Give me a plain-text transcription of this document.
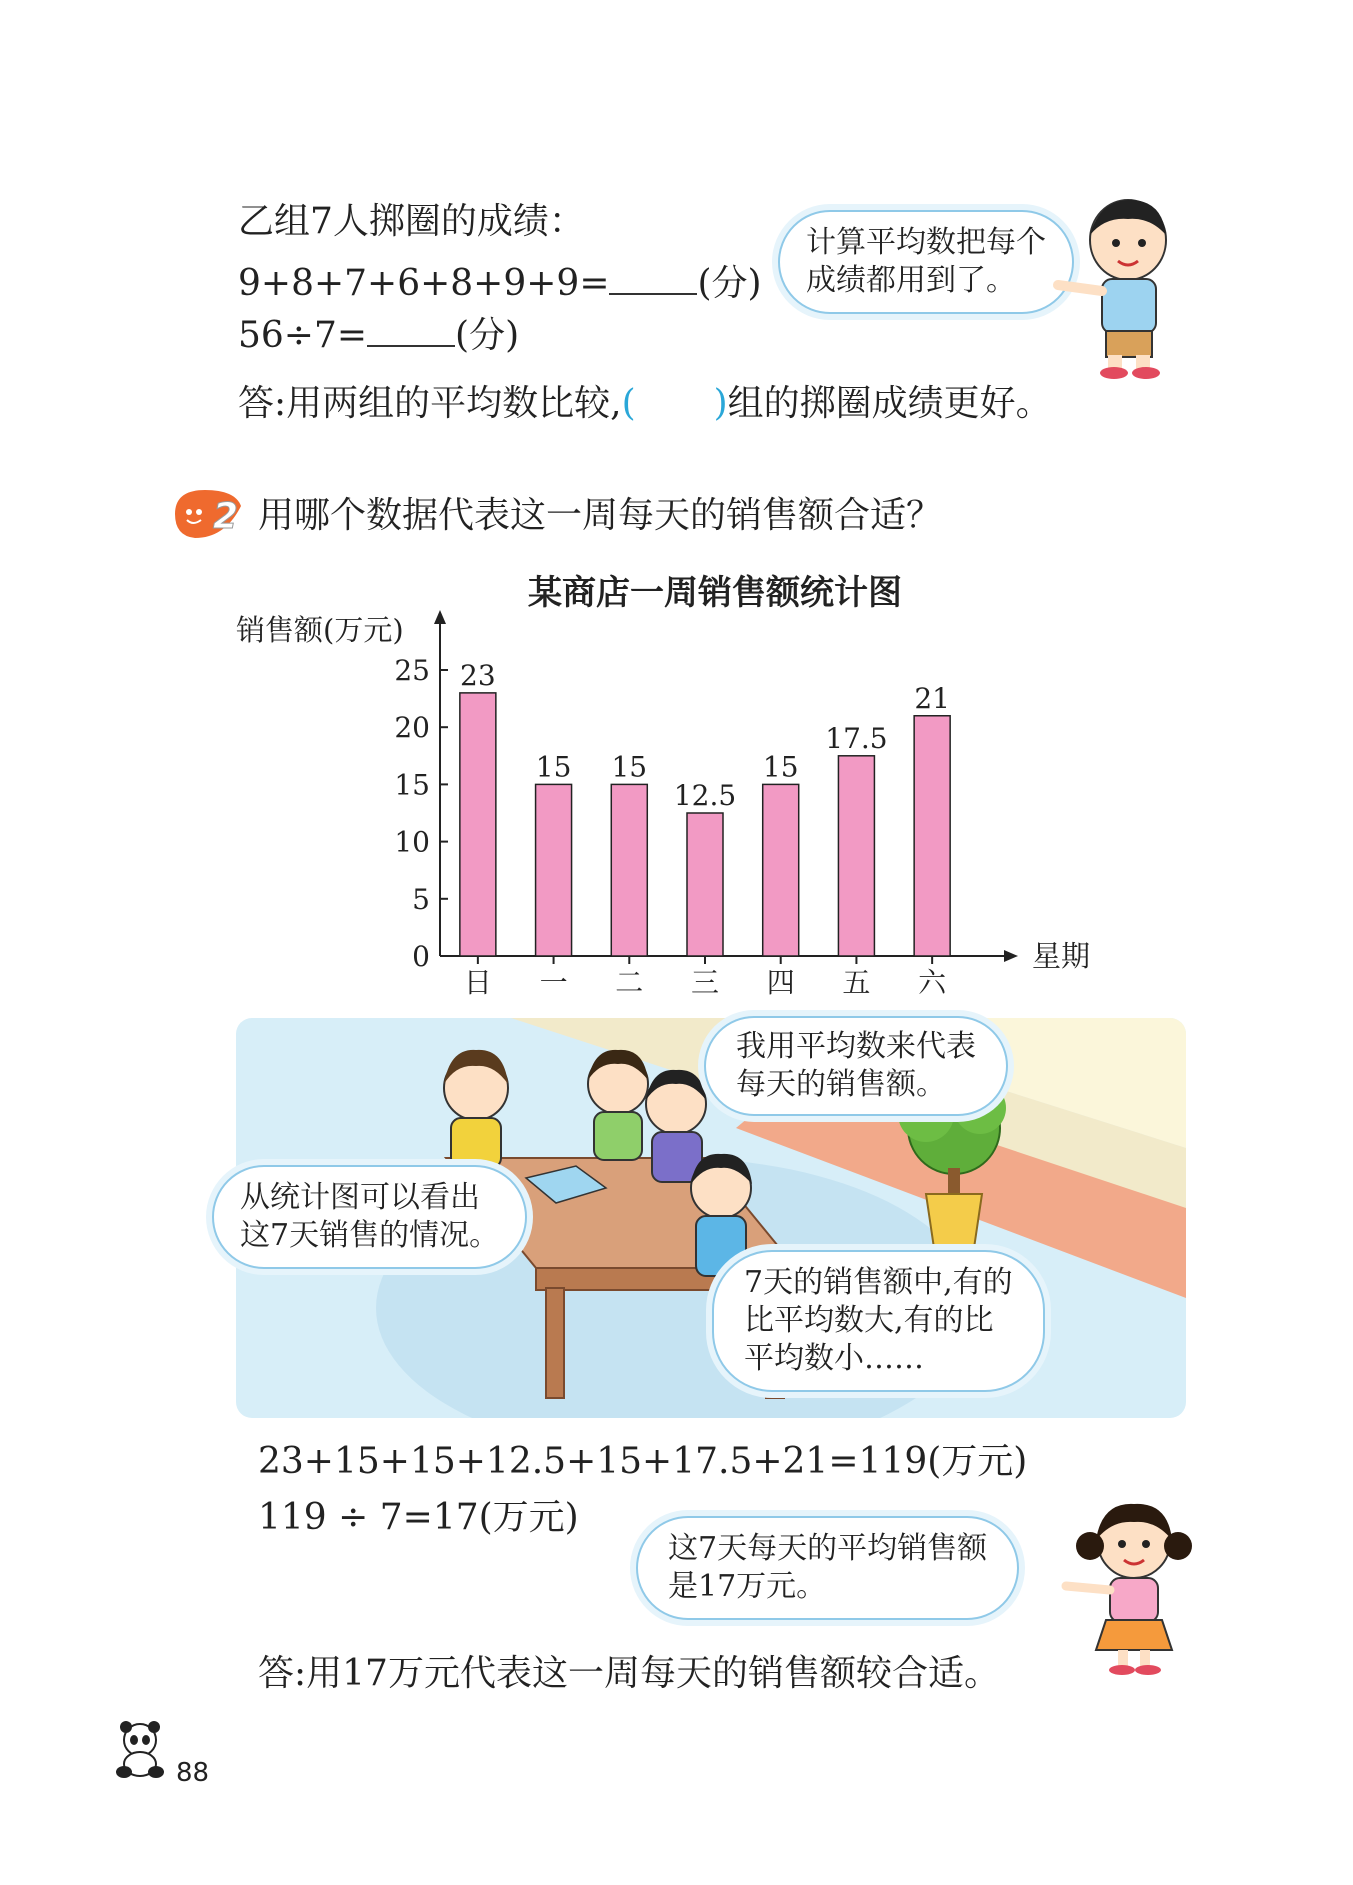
乙组7人掷圈的成绩：
9+8+7+6+8+9+9= (分)
56÷7= (分)
答:用两组的平均数比较,( )组的掷圈成绩更好。
计算平均数把每个
成绩都用到了。
2 用哪个数据代表这一周每天的销售额合适？
某商店一周销售额统计图
销售额(万元)
星期
0
5
10
15
20
25 23
日
15
一
15
二
12.5
三
15
四
17.5
五
21
六
我用平均数来代表
每天的销售额。
从统计图可以看出
这7天销售的情况。
7天的销售额中,有的
比平均数大,有的比
平均数小……
23+15+15+12.5+15+17.5+21=119(万元)
119 ÷ 7=17(万元)
这7天每天的平均销售额
是17万元。
答:用17万元代表这一周每天的销售额较合适。
88
